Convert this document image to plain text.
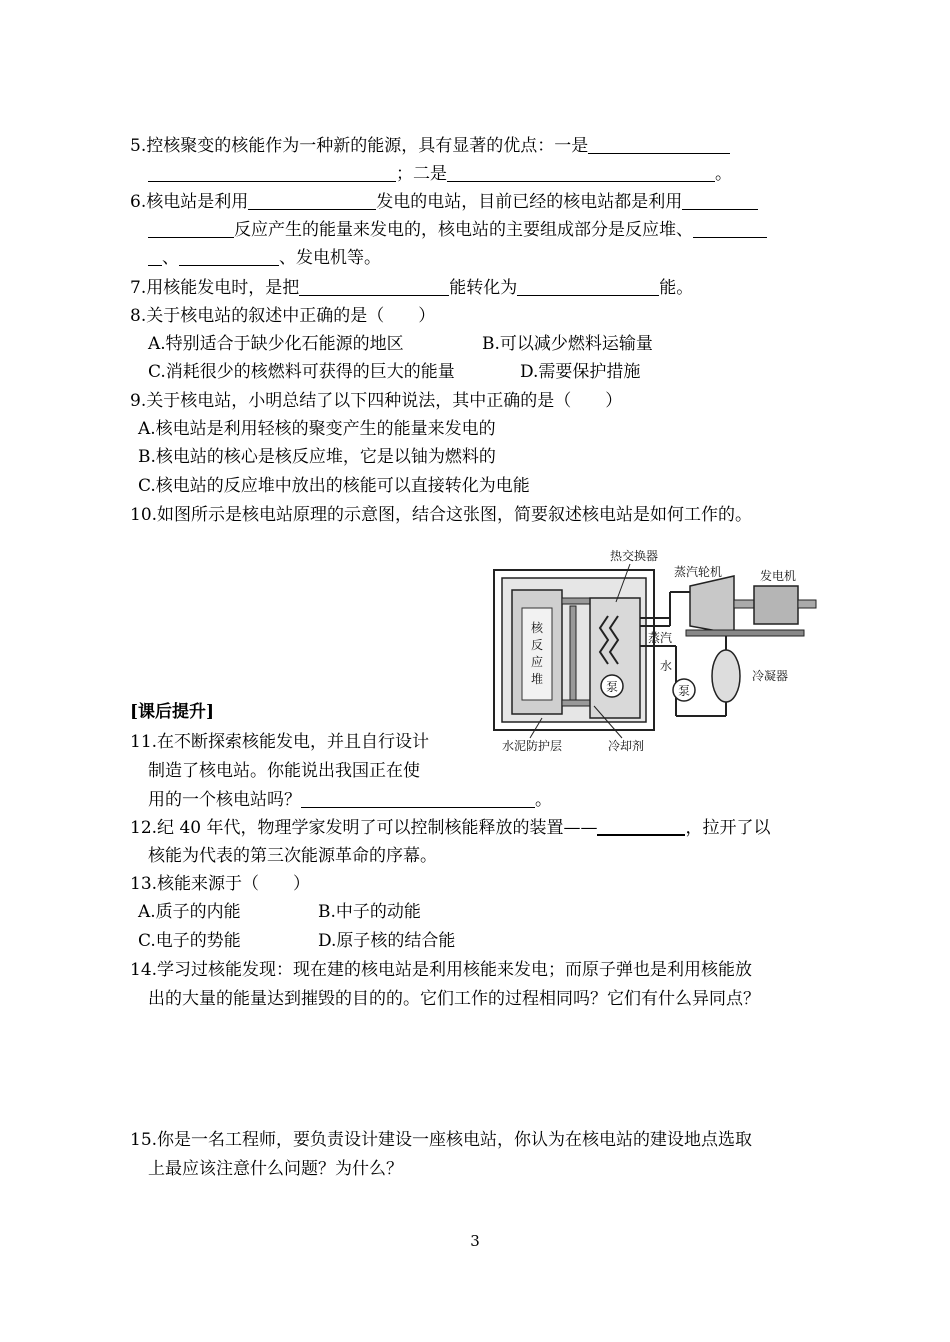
5.控核聚变的核能作为一种新的能源，具有显著的优点：一是
；二是	。
6.核电站是利用	发电的电站，目前已经的核电站都是利用
反应产生的能量来发电的，核电站的主要组成部分是反应堆、
、	、发电机等。
7.用核能发电时，是把	能转化为	能。
8.关于核电站的叙述中正确的是（　　）
A.特别适合于缺少化石能源的地区	B.可以减少燃料运输量
C.消耗很少的核燃料可获得的巨大的能量	D.需要保护措施
9.关于核电站，小明总结了以下四种说法，其中正确的是（　　）
A.核电站是利用轻核的聚变产生的能量来发电的
B.核电站的核心是核反应堆，它是以铀为燃料的
C.核电站的反应堆中放出的核能可以直接转化为电能
10.如图所示是核电站原理的示意图，结合这张图，简要叙述核电站是如何工作的。
核
反
应
堆
泵	泵
热交换器
蒸汽轮机	发电机
蒸汽
水
冷凝器
水泥防护层	冷却剂
[课后提升]
11.在不断探索核能发电，并且自行设计
制造了核电站。你能说出我国正在使
用的一个核电站吗？	。
12.纪 40 年代，物理学家发明了可以控制核能释放的装置——	，拉开了以
核能为代表的第三次能源革命的序幕。
13.核能来源于（　　）
A.质子的内能	B.中子的动能
C.电子的势能	D.原子核的结合能
14.学习过核能发现：现在建的核电站是利用核能来发电；而原子弹也是利用核能放
出的大量的能量达到摧毁的目的的。它们工作的过程相同吗？它们有什么异同点？
15.你是一名工程师，要负责设计建设一座核电站，你认为在核电站的建设地点选取
上最应该注意什么问题？为什么？
3
